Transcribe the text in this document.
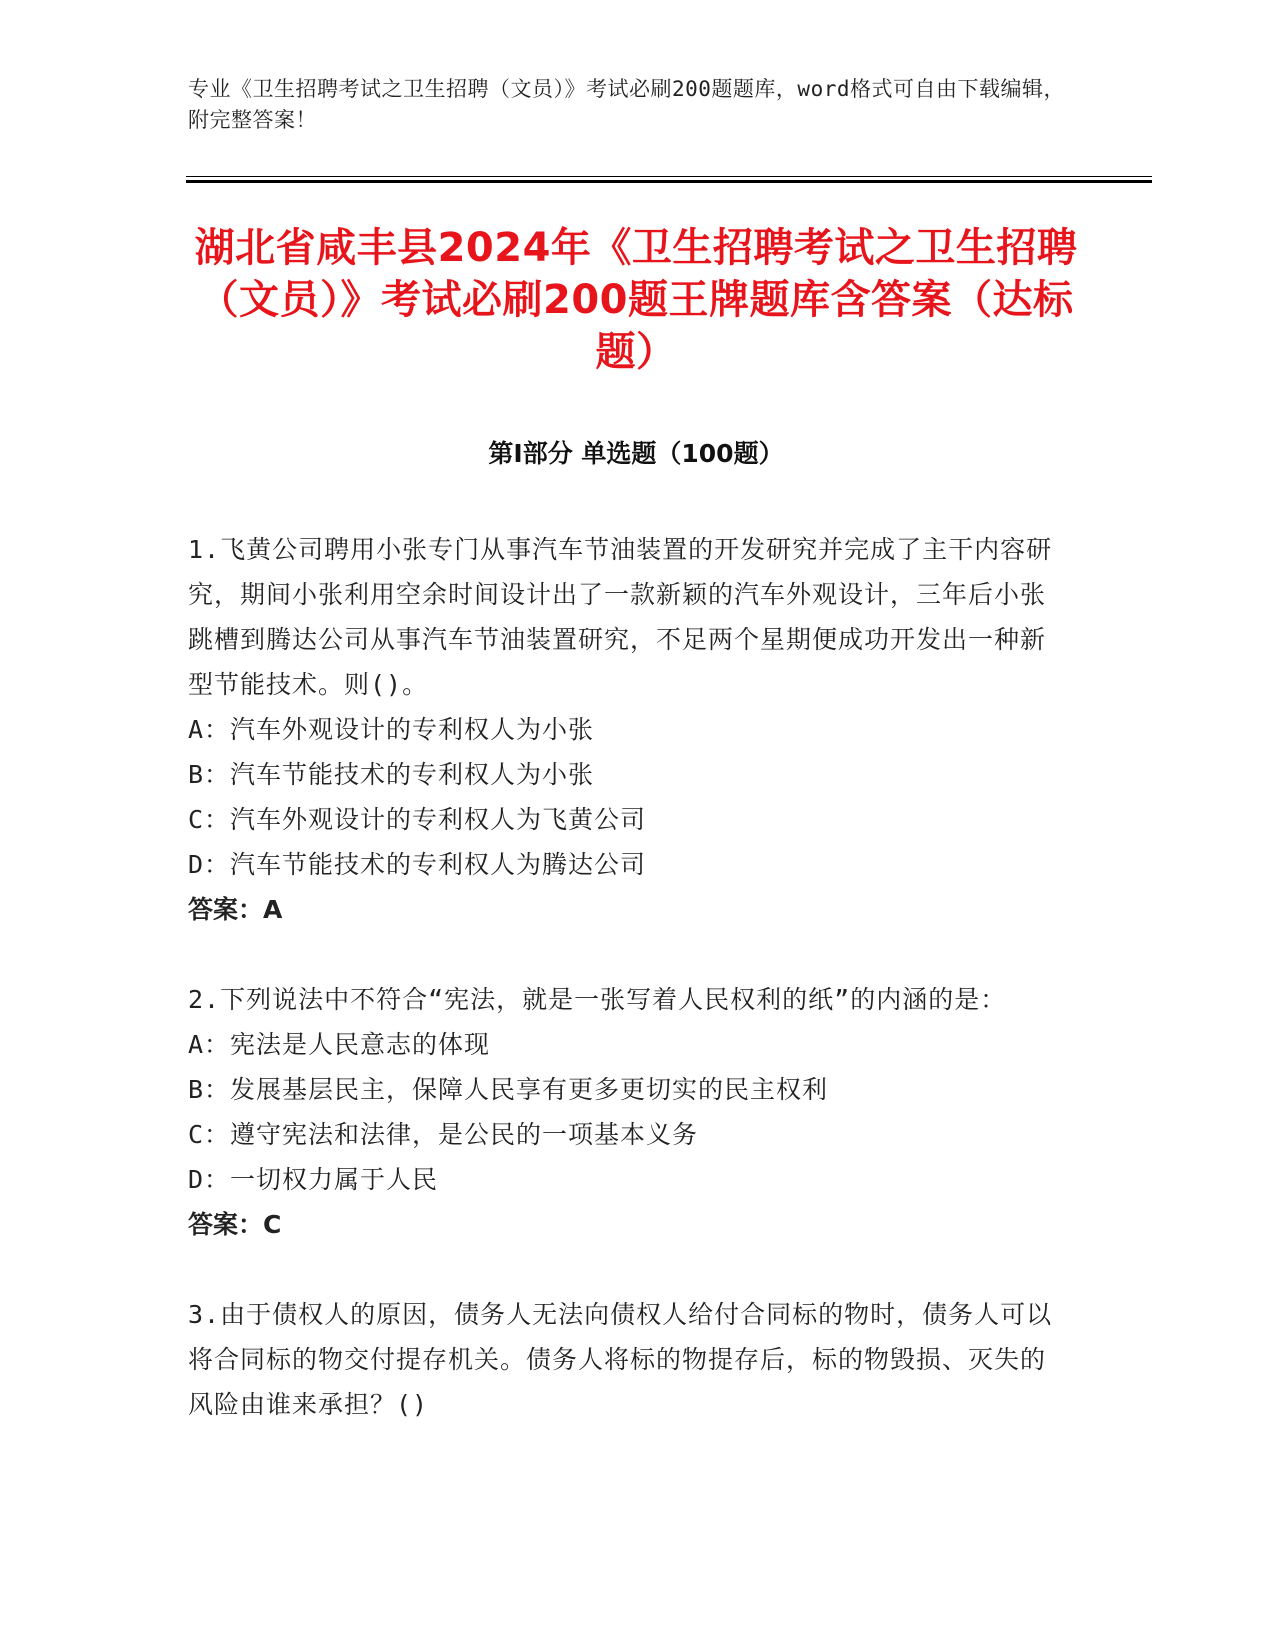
专业《卫生招聘考试之卫生招聘（文员）》考试必刷200题题库，word格式可自由下载编辑，附完整答案！
湖北省咸丰县2024年《卫生招聘考试之卫生招聘（文员）》考试必刷200题王牌题库含答案（达标题）
第Ⅰ部分 单选题（100题）
1.飞黄公司聘用小张专门从事汽车节油装置的开发研究并完成了主干内容研究，期间小张利用空余时间设计出了一款新颖的汽车外观设计，三年后小张跳槽到腾达公司从事汽车节油装置研究，不足两个星期便成功开发出一种新型节能技术。则()。
A：汽车外观设计的专利权人为小张
B：汽车节能技术的专利权人为小张
C：汽车外观设计的专利权人为飞黄公司
D：汽车节能技术的专利权人为腾达公司
答案：A
2.下列说法中不符合“宪法，就是一张写着人民权利的纸”的内涵的是：
A：宪法是人民意志的体现
B：发展基层民主，保障人民享有更多更切实的民主权利
C：遵守宪法和法律，是公民的一项基本义务
D：一切权力属于人民
答案：C
3.由于债权人的原因，债务人无法向债权人给付合同标的物时，债务人可以将合同标的物交付提存机关。债务人将标的物提存后，标的物毁损、灭失的风险由谁来承担？()
